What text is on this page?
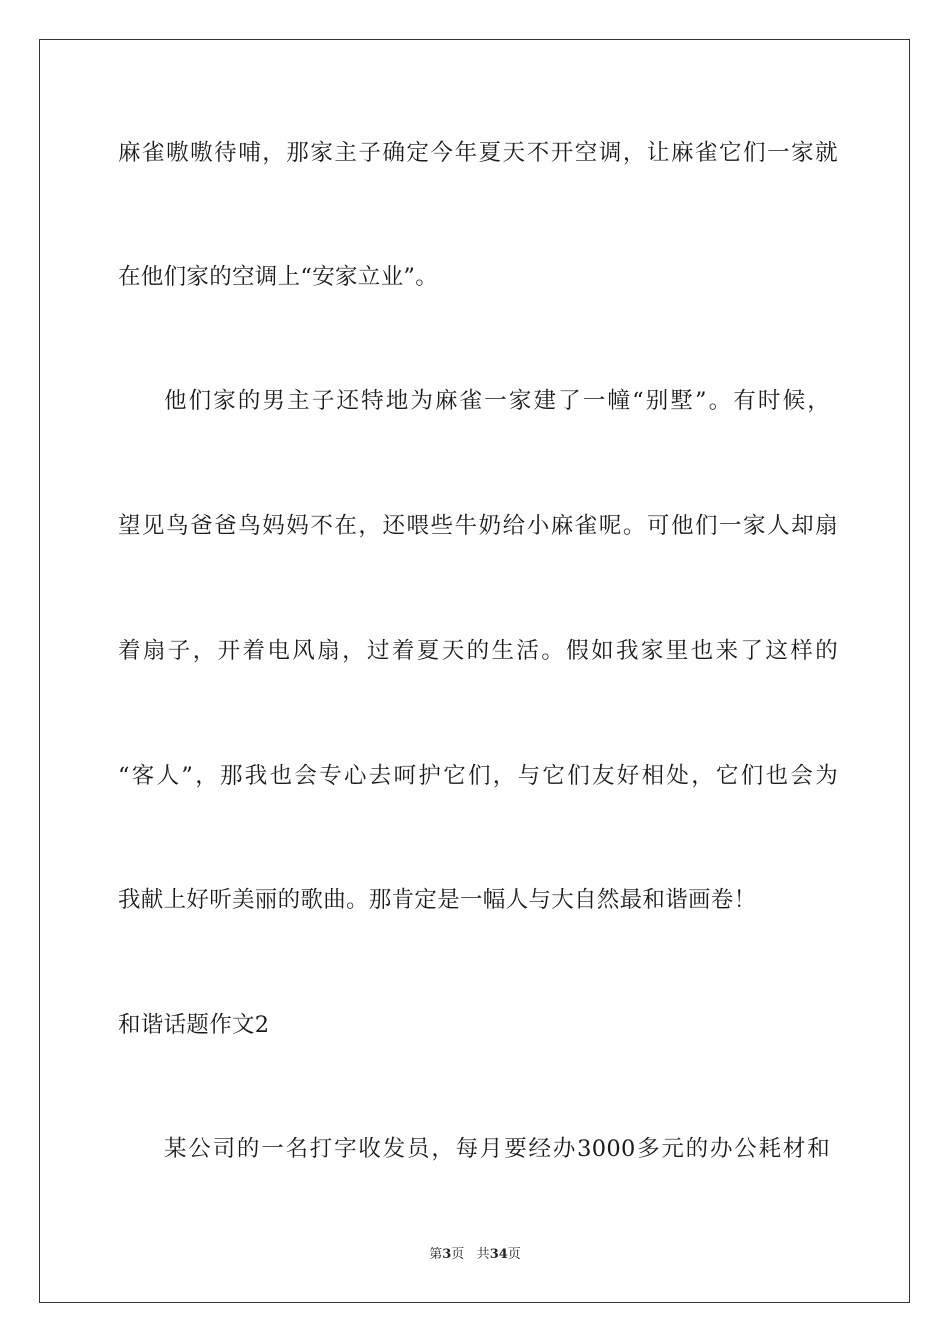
麻雀嗷嗷待哺，那家主子确定今年夏天不开空调，让麻雀它们一家就
在他们家的空调上“安家立业”。
他们家的男主子还特地为麻雀一家建了一幢“别墅”。有时候，
望见鸟爸爸鸟妈妈不在，还喂些牛奶给小麻雀呢。可他们一家人却扇
着扇子，开着电风扇，过着夏天的生活。假如我家里也来了这样的
“客人”，那我也会专心去呵护它们，与它们友好相处，它们也会为
我献上好听美丽的歌曲。那肯定是一幅人与大自然最和谐画卷！
和谐话题作文2
某公司的一名打字收发员，每月要经办3000多元的办公耗材和
第3页 共34页
